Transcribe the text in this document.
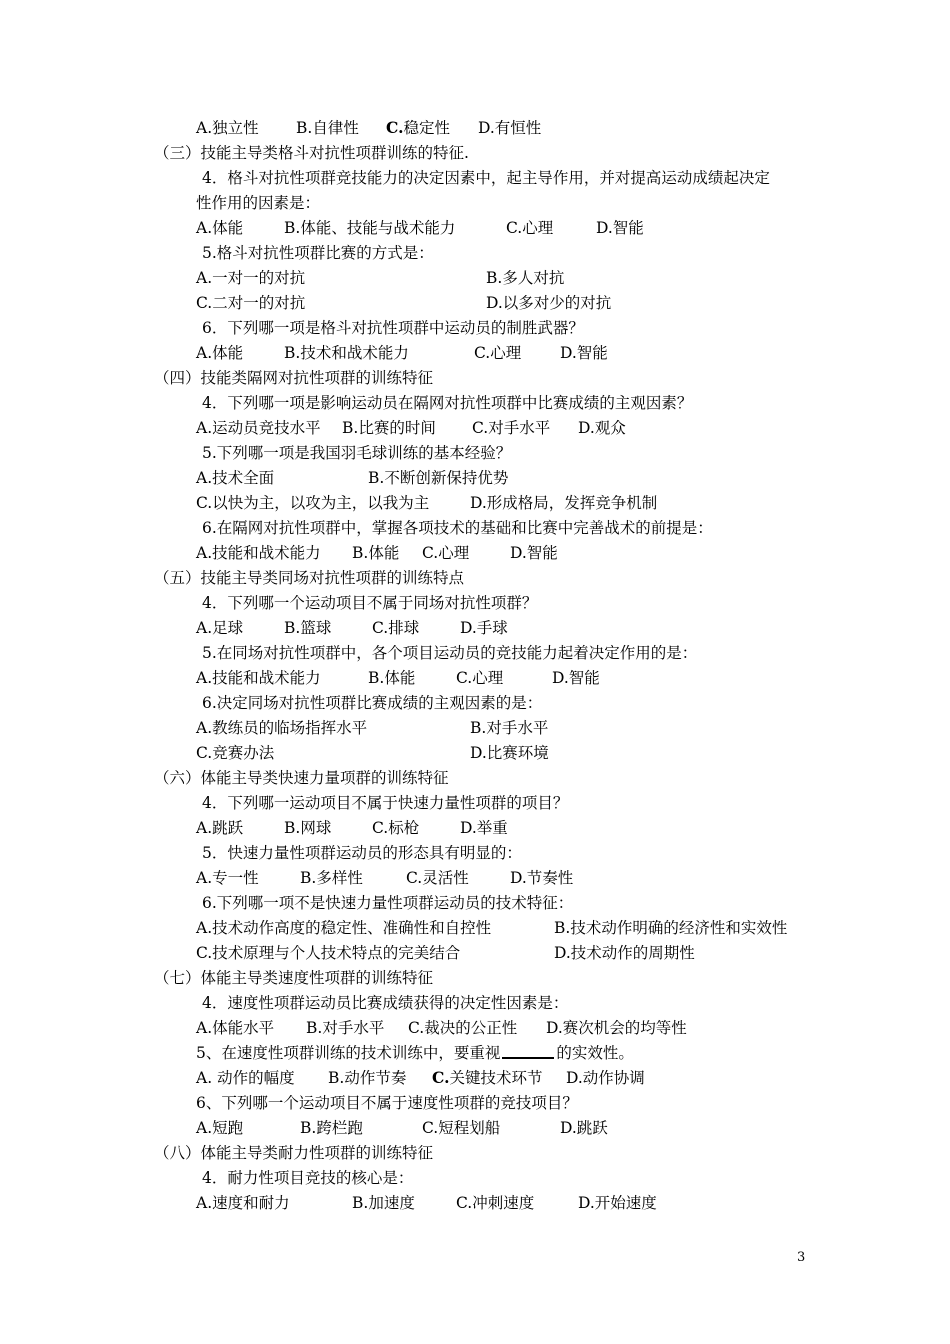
A.独立性 B.自律性 C.稳定性 D.有恒性
（三）技能主导类格斗对抗性项群训练的特征.
4．格斗对抗性项群竞技能力的决定因素中，起主导作用，并对提高运动成绩起决定
性作用的因素是：
A.体能	B.体能、技能与战术能力	C.心理	D.智能
5.格斗对抗性项群比赛的方式是：
A.一对一的对抗	B.多人对抗
C.二对一的对抗	D.以多对少的对抗
6．下列哪一项是格斗对抗性项群中运动员的制胜武器？
A.体能	B.技术和战术能力	C.心理	D.智能
（四）技能类隔网对抗性项群的训练特征
4．下列哪一项是影响运动员在隔网对抗性项群中比赛成绩的主观因素？
A.运动员竞技水平 B.比赛的时间 C.对手水平 D.观众
5.下列哪一项是我国羽毛球训练的基本经验？
A.技术全面	B.不断创新保持优势
C.以快为主，以攻为主，以我为主	D.形成格局，发挥竞争机制
6.在隔网对抗性项群中，掌握各项技术的基础和比赛中完善战术的前提是：
A.技能和战术能力 B.体能 C.心理	D.智能
（五）技能主导类同场对抗性项群的训练特点
4．下列哪一个运动项目不属于同场对抗性项群？
A.足球	B.篮球	C.排球	D.手球
5.在同场对抗性项群中，各个项目运动员的竞技能力起着决定作用的是：
A.技能和战术能力	B.体能	C.心理	D.智能
6.决定同场对抗性项群比赛成绩的主观因素的是：
A.教练员的临场指挥水平	B.对手水平
C.竞赛办法	D.比赛环境
（六）体能主导类快速力量项群的训练特征
4．下列哪一运动项目不属于快速力量性项群的项目？
A.跳跃	B.网球	C.标枪	D.举重
5．快速力量性项群运动员的形态具有明显的：
A.专一性	B.多样性	C.灵活性	D.节奏性
6.下列哪一项不是快速力量性项群运动员的技术特征：
A.技术动作高度的稳定性、准确性和自控性	B.技术动作明确的经济性和实效性
C.技术原理与个人技术特点的完美结合	D.技术动作的周期性
（七）体能主导类速度性项群的训练特征
4．速度性项群运动员比赛成绩获得的决定性因素是：
A.体能水平 B.对手水平 C.裁决的公正性 D.赛次机会的均等性
5、在速度性项群训练的技术训练中，要重视	的实效性。
A. 动作的幅度 B.动作节奏 C.关键技术环节 D.动作协调
6、下列哪一个运动项目不属于速度性项群的竞技项目？
A.短跑	B.跨栏跑	C.短程划船	D.跳跃
（八）体能主导类耐力性项群的训练特征
4．耐力性项目竞技的核心是：
A.速度和耐力	B.加速度	C.冲刺速度	D.开始速度
3
